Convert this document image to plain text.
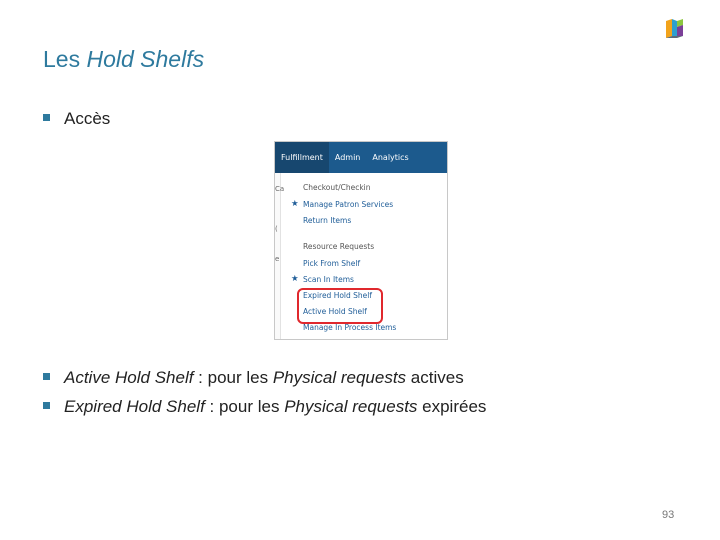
Les Hold Shelfs
Accès
Fulfillment	Admin	Analytics
Ca
(
e
Checkout/Checkin
★ Manage Patron Services
Return Items
Resource Requests
Pick From Shelf
★ Scan In Items
Expired Hold Shelf
Active Hold Shelf
Manage In Process Items
Active Hold Shelf : pour les Physical requests actives
Expired Hold Shelf : pour les Physical requests expirées
93
